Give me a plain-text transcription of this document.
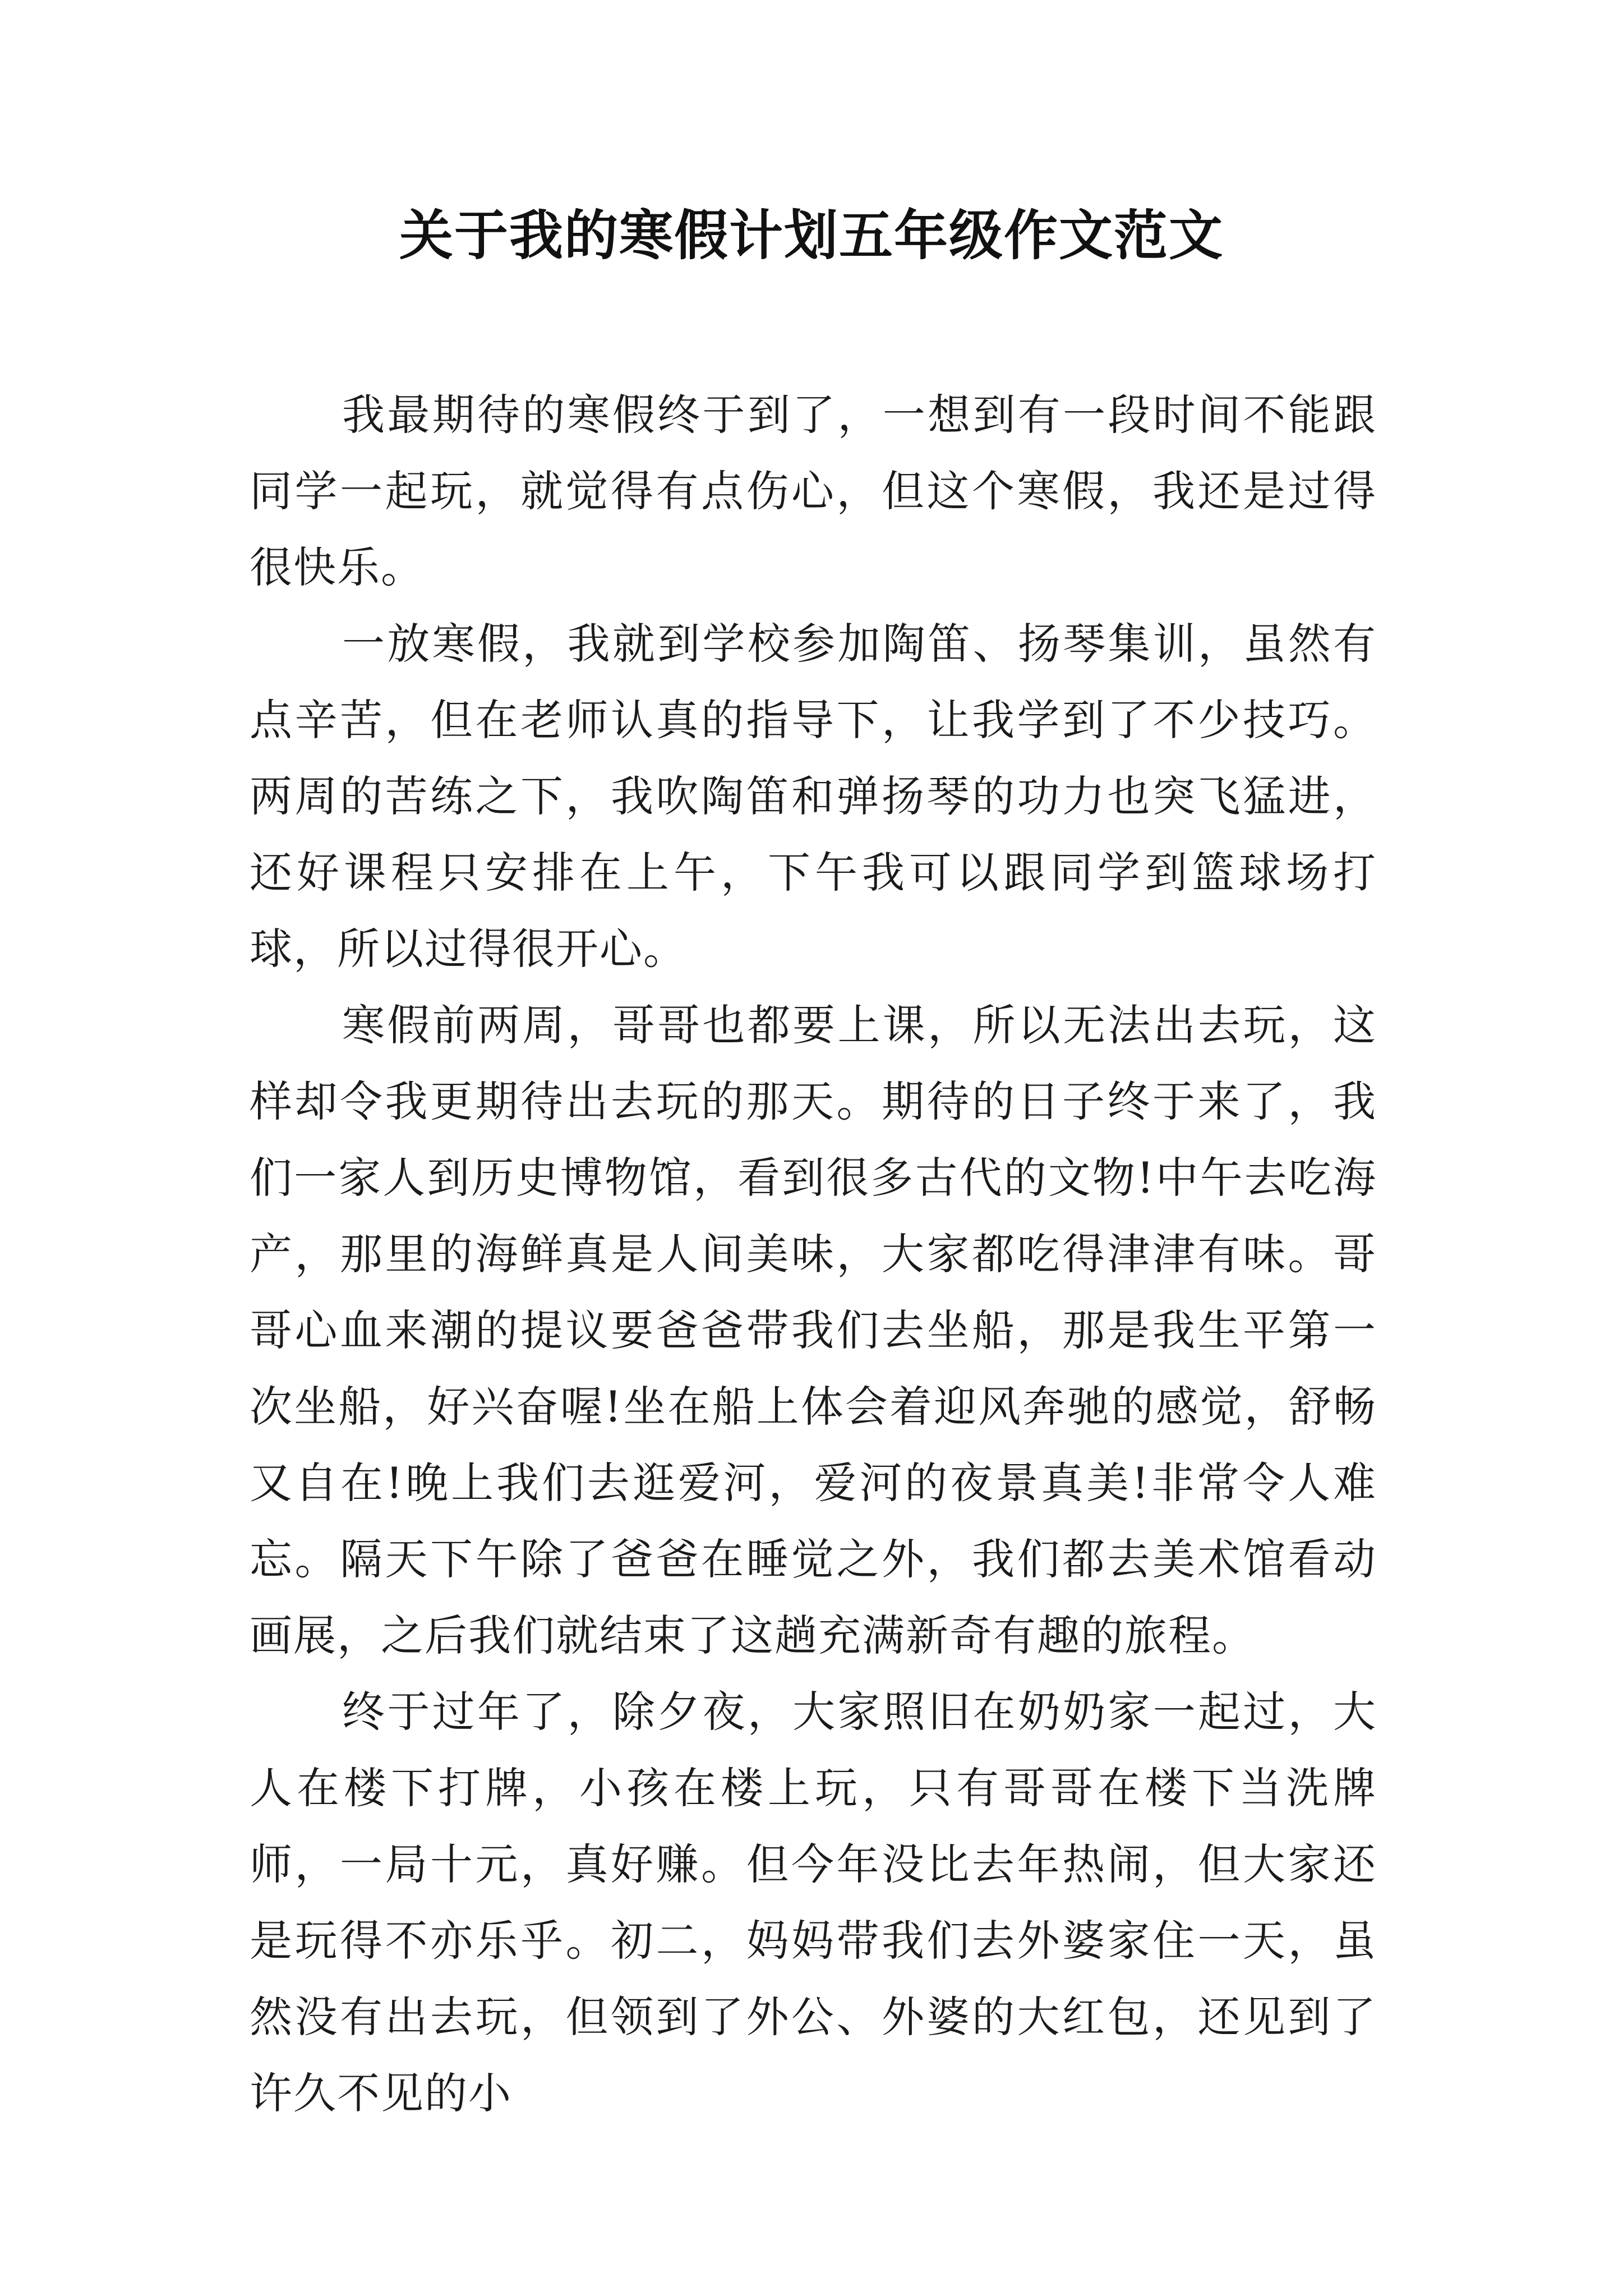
关于我的寒假计划五年级作文范文

我最期待的寒假终于到了，一想到有一段时间不能跟同学一起玩，就觉得有点伤心，但这个寒假，我还是过得很快乐。

一放寒假，我就到学校参加陶笛、扬琴集训，虽然有点辛苦，但在老师认真的指导下，让我学到了不少技巧。两周的苦练之下，我吹陶笛和弹扬琴的功力也突飞猛进，还好课程只安排在上午，下午我可以跟同学到篮球场打球，所以过得很开心。

寒假前两周，哥哥也都要上课，所以无法出去玩，这样却令我更期待出去玩的那天。期待的日子终于来了，我们一家人到历史博物馆，看到很多古代的文物!中午去吃海产，那里的海鲜真是人间美味，大家都吃得津津有味。哥哥心血来潮的提议要爸爸带我们去坐船，那是我生平第一次坐船，好兴奋喔!坐在船上体会着迎风奔驰的感觉，舒畅又自在!晚上我们去逛爱河，爱河的夜景真美!非常令人难忘。隔天下午除了爸爸在睡觉之外，我们都去美术馆看动画展，之后我们就结束了这趟充满新奇有趣的旅程。

终于过年了，除夕夜，大家照旧在奶奶家一起过，大人在楼下打牌，小孩在楼上玩，只有哥哥在楼下当洗牌师，一局十元，真好赚。但今年没比去年热闹，但大家还是玩得不亦乐乎。初二，妈妈带我们去外婆家住一天，虽然没有出去玩，但领到了外公、外婆的大红包，还见到了许久不见的小
